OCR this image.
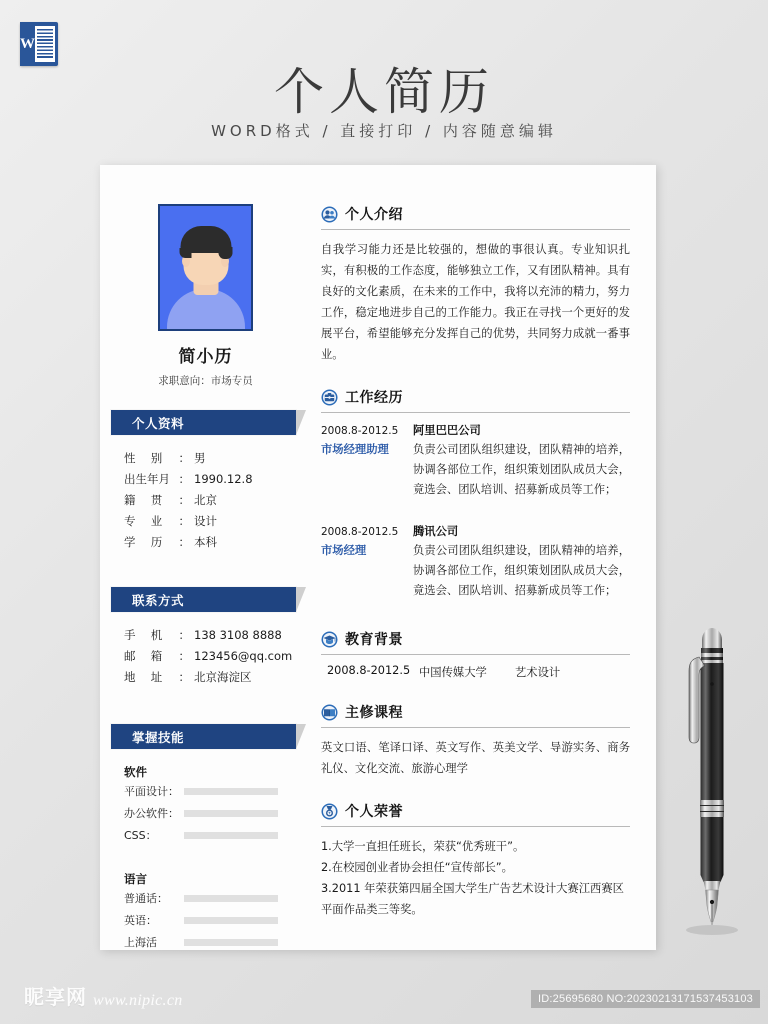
W
个人简历
WORD格式 / 直接打印 / 内容随意编辑
简小历
求职意向：市场专员
个人资料
性 别 ： 男
出生年月 ： 1990.12.8
籍 贯 ： 北京
专 业 ： 设计
学 历 ： 本科
联系方式
手 机 ： 138 3108 8888
邮 箱 ： 123456@qq.com
地 址 ： 北京海淀区
掌握技能
软件
平面设计：
办公软件：
CSS：
语言
普通话：
英语：
上海活
个人介绍
自我学习能力还是比较强的，想做的事很认真。专业知识扎实，有积极的工作态度，能够独立工作，又有团队精神。具有良好的文化素质，在未来的工作中，我将以充沛的精力，努力工作，稳定地进步自己的工作能力。我正在寻找一个更好的发展平台，希望能够充分发挥自己的优势，共同努力成就一番事业。
工作经历
2008.8-2012.5
市场经理助理
阿里巴巴公司
负责公司团队组织建设，团队精神的培养，协调各部位工作，组织策划团队成员大会，竟选会、团队培训、招募新成员等工作；
2008.8-2012.5
市场经理
腾讯公司
负责公司团队组织建设，团队精神的培养，协调各部位工作，组织策划团队成员大会，竟选会、团队培训、招募新成员等工作；
教育背景
2008.8-2012.5 中国传媒大学	艺术设计
主修课程
英文口语、笔译口译、英文写作、英美文学、导游实务、商务礼仪、文化交流、旅游心理学
个人荣誉
1.大学一直担任班长，荣获“优秀班干”。
2.在校园创业者协会担任“宣传部长”。
3.2011 年荣获第四届全国大学生广告艺术设计大赛江西赛区平面作品类三等奖。
昵享网 www.nipic.cn	ID:25695680 NO:20230213171537453103
